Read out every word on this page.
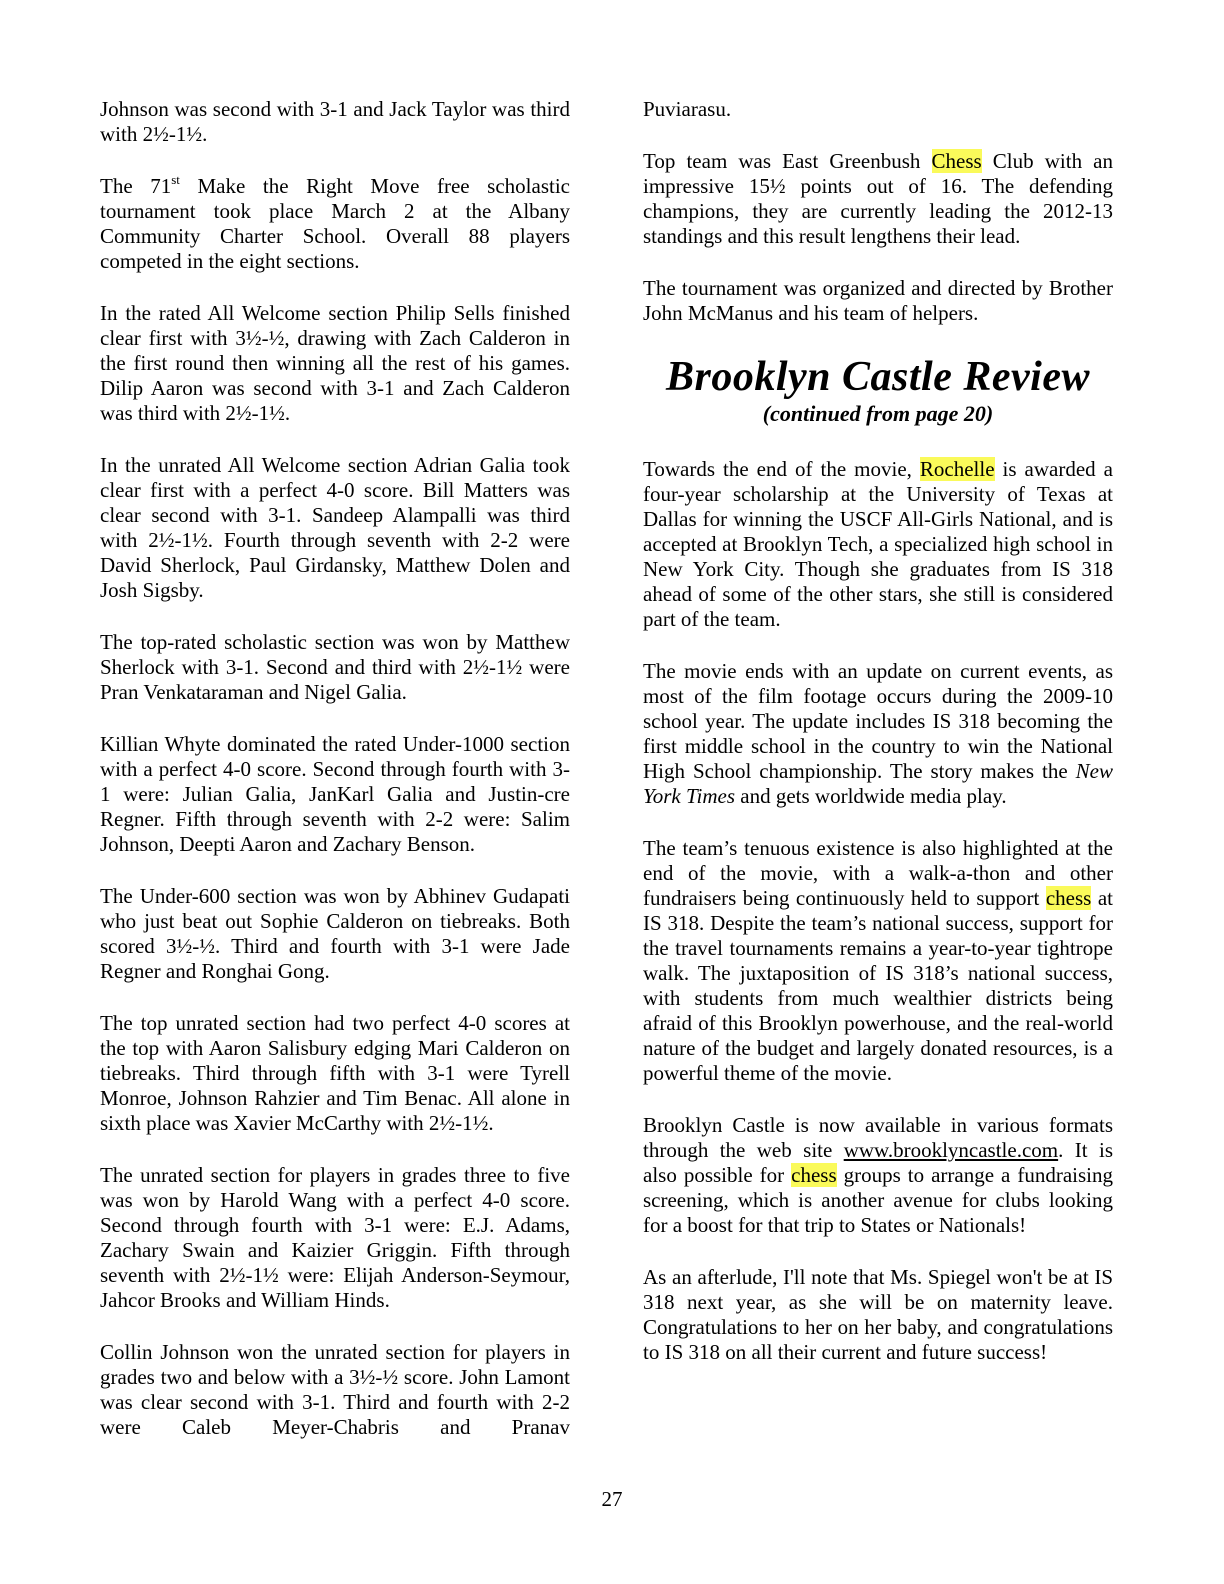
Johnson was second with 3-1 and Jack Taylor was third with 2½-1½.

The 71st Make the Right Move free scholastic tournament took place March 2 at the Albany Community Charter School. Overall 88 players competed in the eight sections.

In the rated All Welcome section Philip Sells finished clear first with 3½-½, drawing with Zach Calderon in the first round then winning all the rest of his games. Dilip Aaron was second with 3-1 and Zach Calderon was third with 2½-1½.

In the unrated All Welcome section Adrian Galia took clear first with a perfect 4-0 score. Bill Matters was clear second with 3-1. Sandeep Alampalli was third with 2½-1½. Fourth through seventh with 2-2 were David Sherlock, Paul Girdansky, Matthew Dolen and Josh Sigsby.

The top-rated scholastic section was won by Matthew Sherlock with 3-1. Second and third with 2½-1½ were Pran Venkataraman and Nigel Galia.

Killian Whyte dominated the rated Under-1000 section with a perfect 4-0 score. Second through fourth with 3-1 were: Julian Galia, JanKarl Galia and Justin-cre Regner. Fifth through seventh with 2-2 were: Salim Johnson, Deepti Aaron and Zachary Benson.

The Under-600 section was won by Abhinev Gudapati who just beat out Sophie Calderon on tiebreaks. Both scored 3½-½. Third and fourth with 3-1 were Jade Regner and Ronghai Gong.

The top unrated section had two perfect 4-0 scores at the top with Aaron Salisbury edging Mari Calderon on tiebreaks. Third through fifth with 3-1 were Tyrell Monroe, Johnson Rahzier and Tim Benac. All alone in sixth place was Xavier McCarthy with 2½-1½.

The unrated section for players in grades three to five was won by Harold Wang with a perfect 4-0 score. Second through fourth with 3-1 were: E.J. Adams, Zachary Swain and Kaizier Griggin. Fifth through seventh with 2½-1½ were: Elijah Anderson-Seymour, Jahcor Brooks and William Hinds.

Collin Johnson won the unrated section for players in grades two and below with a 3½-½ score. John Lamont was clear second with 3-1. Third and fourth with 2-2 were Caleb Meyer-Chabris and Pranav

Puviarasu.

Top team was East Greenbush Chess Club with an impressive 15½ points out of 16. The defending champions, they are currently leading the 2012-13 standings and this result lengthens their lead.

The tournament was organized and directed by Brother John McManus and his team of helpers.

Brooklyn Castle Review
(continued from page 20)

Towards the end of the movie, Rochelle is awarded a four-year scholarship at the University of Texas at Dallas for winning the USCF All-Girls National, and is accepted at Brooklyn Tech, a specialized high school in New York City. Though she graduates from IS 318 ahead of some of the other stars, she still is considered part of the team.

The movie ends with an update on current events, as most of the film footage occurs during the 2009-10 school year. The update includes IS 318 becoming the first middle school in the country to win the National High School championship. The story makes the New York Times and gets worldwide media play.

The team’s tenuous existence is also highlighted at the end of the movie, with a walk-a-thon and other fundraisers being continuously held to support chess at IS 318. Despite the team’s national success, support for the travel tournaments remains a year-to-year tightrope walk. The juxtaposition of IS 318’s national success, with students from much wealthier districts being afraid of this Brooklyn powerhouse, and the real-world nature of the budget and largely donated resources, is a powerful theme of the movie.

Brooklyn Castle is now available in various formats through the web site www.brooklyncastle.com. It is also possible for chess groups to arrange a fundraising screening, which is another avenue for clubs looking for a boost for that trip to States or Nationals!

As an afterlude, I'll note that Ms. Spiegel won't be at IS 318 next year, as she will be on maternity leave. Congratulations to her on her baby, and congratulations to IS 318 on all their current and future success!

27
